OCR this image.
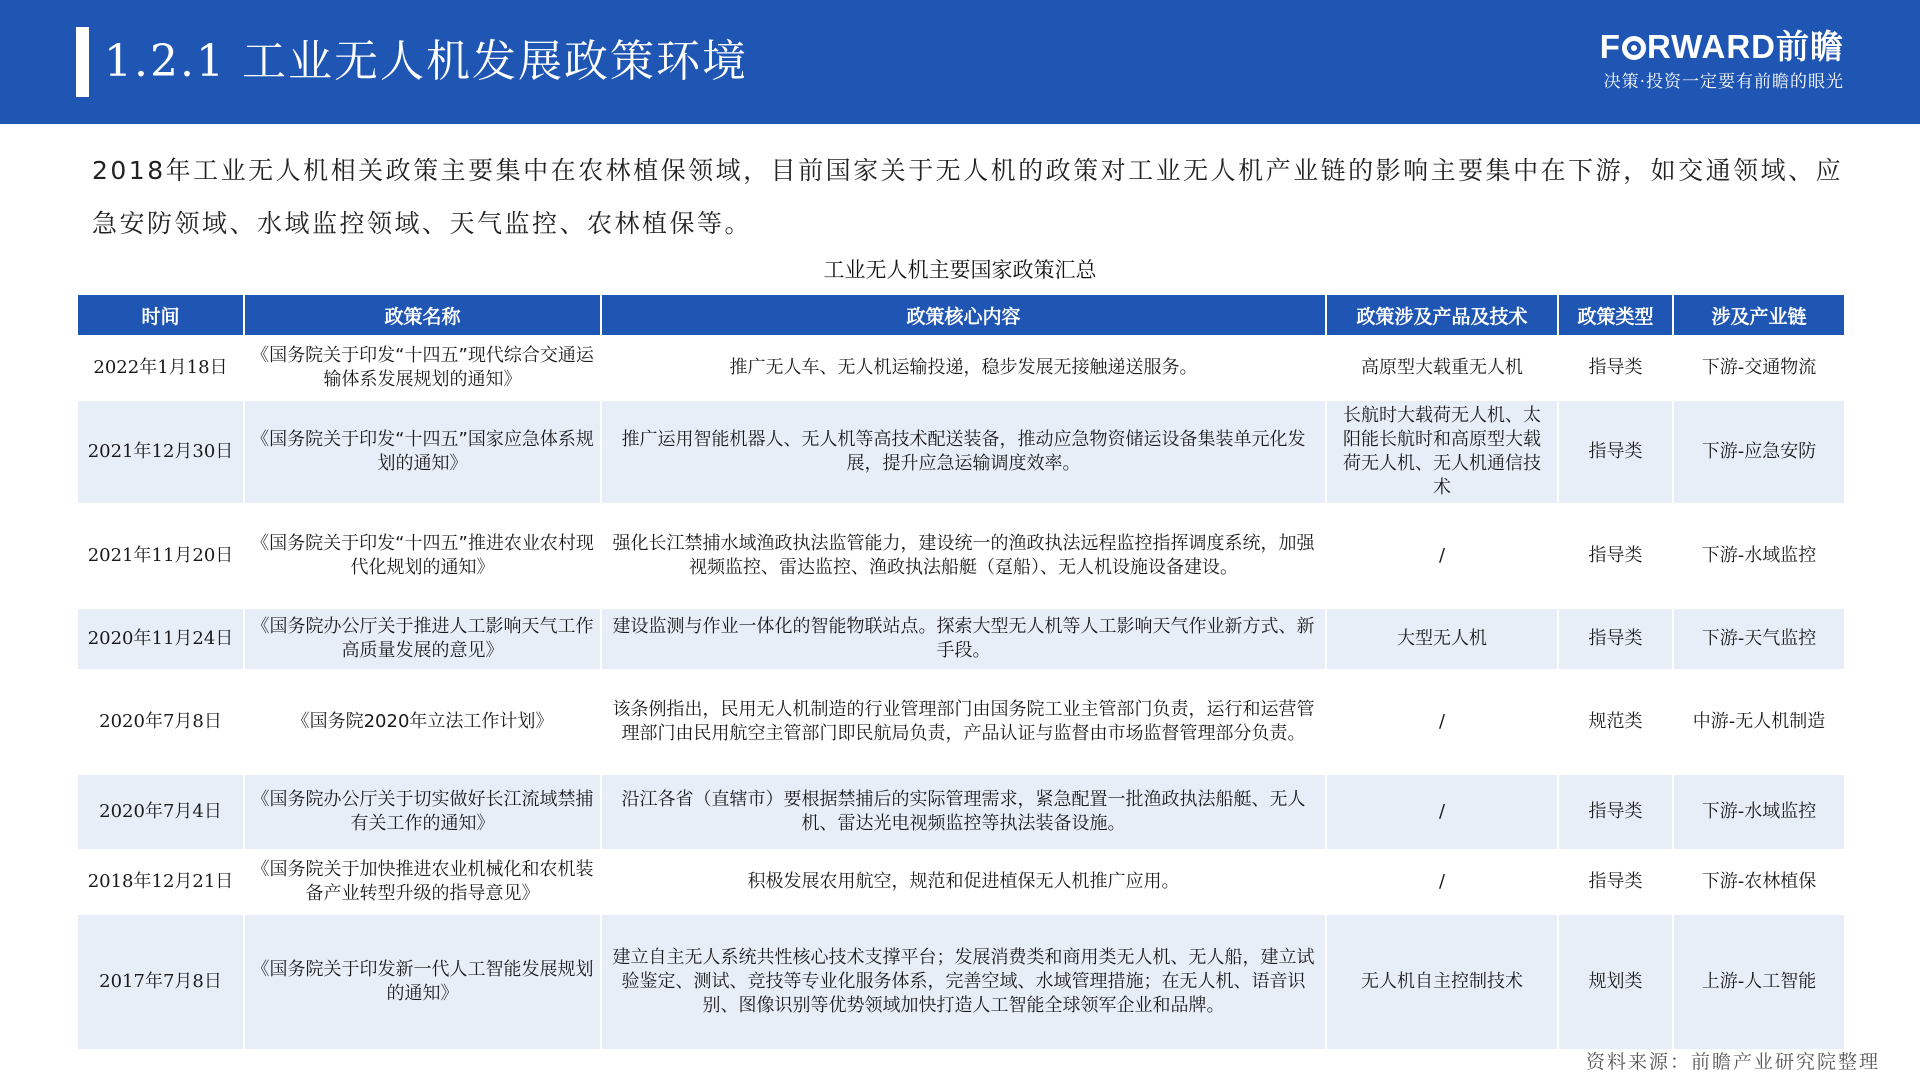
1.2.1 工业无人机发展政策环境	F RWARD前瞻
决策·投资一定要有前瞻的眼光
2018年工业无人机相关政策主要集中在农林植保领域，目前国家关于无人机的政策对工业无人机产业链的影响主要集中在下游，如交通领域、应急安防领域、水域监控领域、天气监控、农林植保等。
工业无人机主要国家政策汇总
时间	政策名称	政策核心内容	政策涉及产品及技术	政策类型	涉及产业链
2022年1月18日	《国务院关于印发“十四五”现代综合交通运输体系发展规划的通知》	推广无人车、无人机运输投递，稳步发展无接触递送服务。	高原型大载重无人机	指导类	下游-交通物流
2021年12月30日	《国务院关于印发“十四五”国家应急体系规划的通知》	推广运用智能机器人、无人机等高技术配送装备，推动应急物资储运设备集装单元化发展，提升应急运输调度效率。	长航时大载荷无人机、太阳能长航时和高原型大载荷无人机、无人机通信技术	指导类	下游-应急安防
2021年11月20日	《国务院关于印发“十四五”推进农业农村现代化规划的通知》	强化长江禁捕水域渔政执法监管能力，建设统一的渔政执法远程监控指挥调度系统，加强视频监控、雷达监控、渔政执法船艇（趸船）、无人机设施设备建设。	/	指导类	下游-水域监控
2020年11月24日	《国务院办公厅关于推进人工影响天气工作高质量发展的意见》	建设监测与作业一体化的智能物联站点。探索大型无人机等人工影响天气作业新方式、新手段。	大型无人机	指导类	下游-天气监控
2020年7月8日	《国务院2020年立法工作计划》	该条例指出，民用无人机制造的行业管理部门由国务院工业主管部门负责，运行和运营管理部门由民用航空主管部门即民航局负责，产品认证与监督由市场监督管理部分负责。	/	规范类	中游-无人机制造
2020年7月4日	《国务院办公厅关于切实做好长江流域禁捕有关工作的通知》	沿江各省（直辖市）要根据禁捕后的实际管理需求，紧急配置一批渔政执法船艇、无人机、雷达光电视频监控等执法装备设施。	/	指导类	下游-水域监控
2018年12月21日	《国务院关于加快推进农业机械化和农机装备产业转型升级的指导意见》	积极发展农用航空，规范和促进植保无人机推广应用。	/	指导类	下游-农林植保
2017年7月8日	《国务院关于印发新一代人工智能发展规划的通知》	建立自主无人系统共性核心技术支撑平台；发展消费类和商用类无人机、无人船，建立试验鉴定、测试、竞技等专业化服务体系，完善空域、水域管理措施；在无人机、语音识别、图像识别等优势领域加快打造人工智能全球领军企业和品牌。	无人机自主控制技术	规划类	上游-人工智能
资料来源：前瞻产业研究院整理
